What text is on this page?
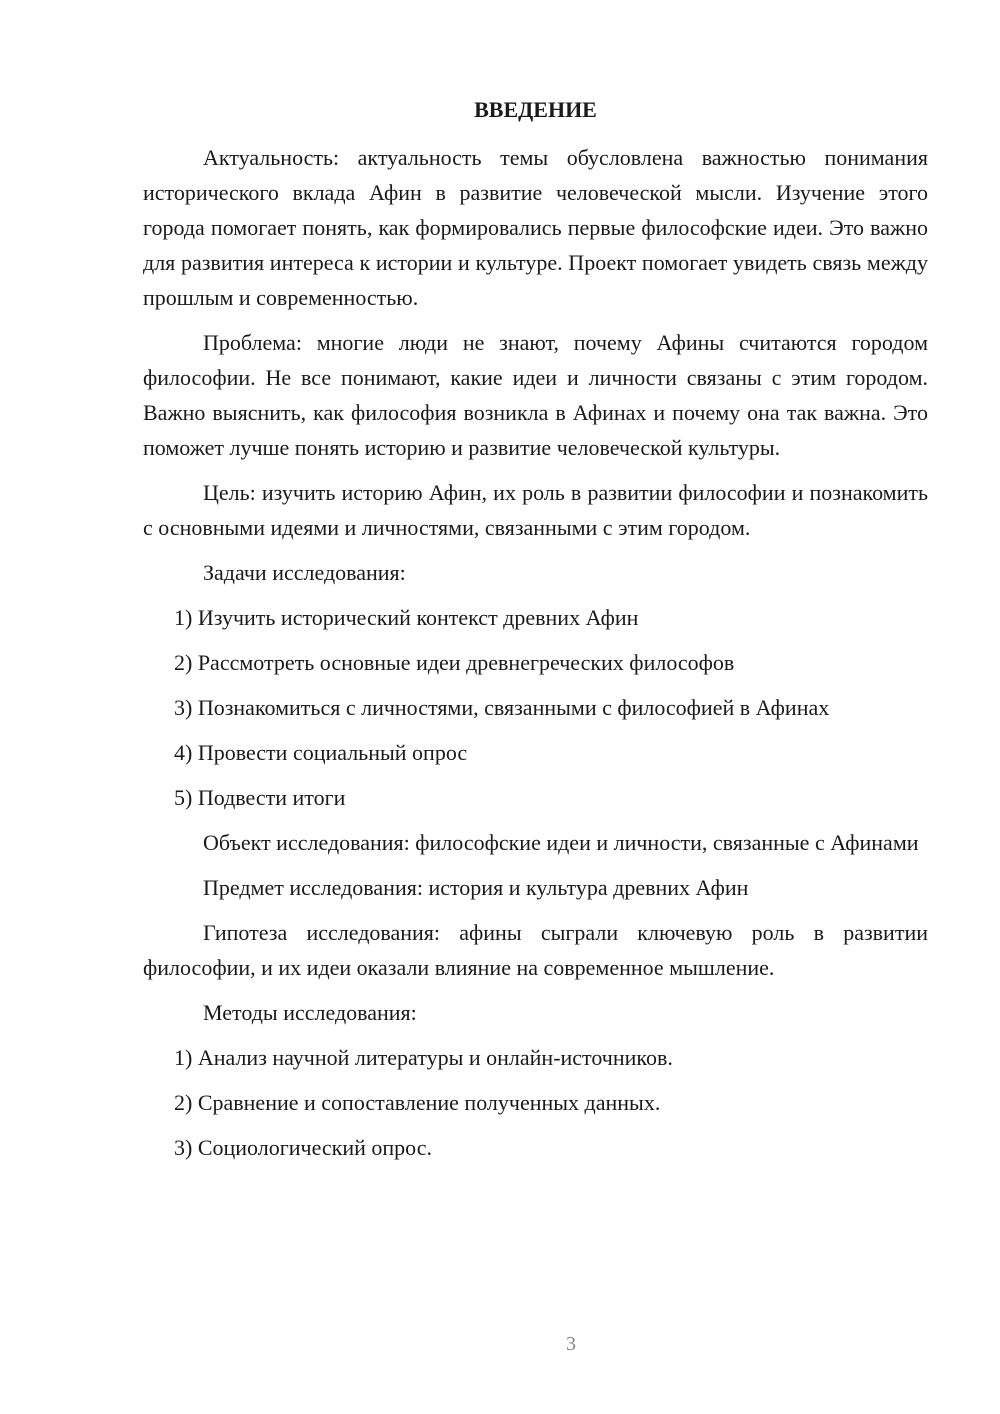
ВВЕДЕНИЕ
Актуальность: актуальность темы обусловлена важностью понимания исторического вклада Афин в развитие человеческой мысли. Изучение этого города помогает понять, как формировались первые философские идеи. Это важно для развития интереса к истории и культуре. Проект помогает увидеть связь между прошлым и современностью.
Проблема: многие люди не знают, почему Афины считаются городом философии. Не все понимают, какие идеи и личности связаны с этим городом. Важно выяснить, как философия возникла в Афинах и почему она так важна. Это поможет лучше понять историю и развитие человеческой культуры.
Цель: изучить историю Афин, их роль в развитии философии и познакомить с основными идеями и личностями, связанными с этим городом.
Задачи исследования:
1) Изучить исторический контекст древних Афин
2) Рассмотреть основные идеи древнегреческих философов
3) Познакомиться с личностями, связанными с философией в Афинах
4) Провести социальный опрос
5) Подвести итоги
Объект исследования: философские идеи и личности, связанные с Афинами
Предмет исследования: история и культура древних Афин
Гипотеза исследования: афины сыграли ключевую роль в развитии философии, и их идеи оказали влияние на современное мышление.
Методы исследования:
1) Анализ научной литературы и онлайн-источников.
2) Сравнение и сопоставление полученных данных.
3) Социологический опрос.
3
